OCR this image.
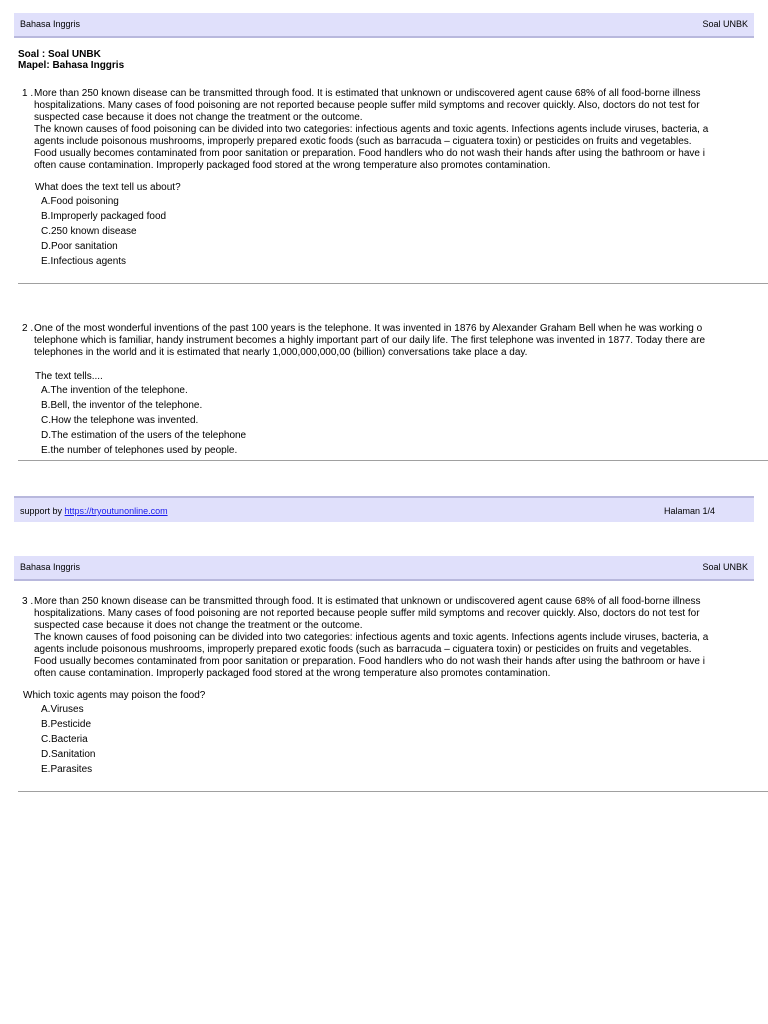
Bahasa Inggris	Soal UNBK
Soal : Soal UNBK
Mapel: Bahasa Inggris
1 . More than 250 known disease can be transmitted through food. It is estimated that unknown or undiscovered agent cause 68% of all food-borne illness

hospitalizations. Many cases of food poisoning are not reported because people suffer mild symptoms and recover quickly. Also, doctors do not test for

suspected case because it does not change the treatment or the outcome.

The known causes of food poisoning can be divided into two categories: infectious agents and toxic agents. Infections agents include viruses, bacteria, a

agents include poisonous mushrooms, improperly prepared exotic foods (such as barracuda – ciguatera toxin) or pesticides on fruits and vegetables.

Food usually becomes contaminated from poor sanitation or preparation. Food handlers who do not wash their hands after using the bathroom or have i

often cause contamination. Improperly packaged food stored at the wrong temperature also promotes contamination.

What does the text tell us about?
A.Food poisoning
B.Improperly packaged food
C.250 known disease
D.Poor sanitation
E.Infectious agents
2 . One of the most wonderful inventions of the past 100 years is the telephone. It was invented in 1876 by Alexander Graham Bell when he was working o

telephone which is familiar, handy instrument becomes a highly important part of our daily life. The first telephone was invented in 1877. Today there are

telephones in the world and it is estimated that nearly 1,000,000,000,00 (billion) conversations take place a day.

The text tells....
A.The invention of the telephone.
B.Bell, the inventor of the telephone.
C.How the telephone was invented.
D.The estimation of the users of the telephone
E.the number of telephones used by people.
support by https://tryoutunonline.com	Halaman 1/4
Bahasa Inggris	Soal UNBK
3 . More than 250 known disease can be transmitted through food. It is estimated that unknown or undiscovered agent cause 68% of all food-borne illness

hospitalizations. Many cases of food poisoning are not reported because people suffer mild symptoms and recover quickly. Also, doctors do not test for

suspected case because it does not change the treatment or the outcome.

The known causes of food poisoning can be divided into two categories: infectious agents and toxic agents. Infections agents include viruses, bacteria, a

agents include poisonous mushrooms, improperly prepared exotic foods (such as barracuda – ciguatera toxin) or pesticides on fruits and vegetables.

Food usually becomes contaminated from poor sanitation or preparation. Food handlers who do not wash their hands after using the bathroom or have i

often cause contamination. Improperly packaged food stored at the wrong temperature also promotes contamination.

Which toxic agents may poison the food?
A.Viruses
B.Pesticide
C.Bacteria
D.Sanitation
E.Parasites
